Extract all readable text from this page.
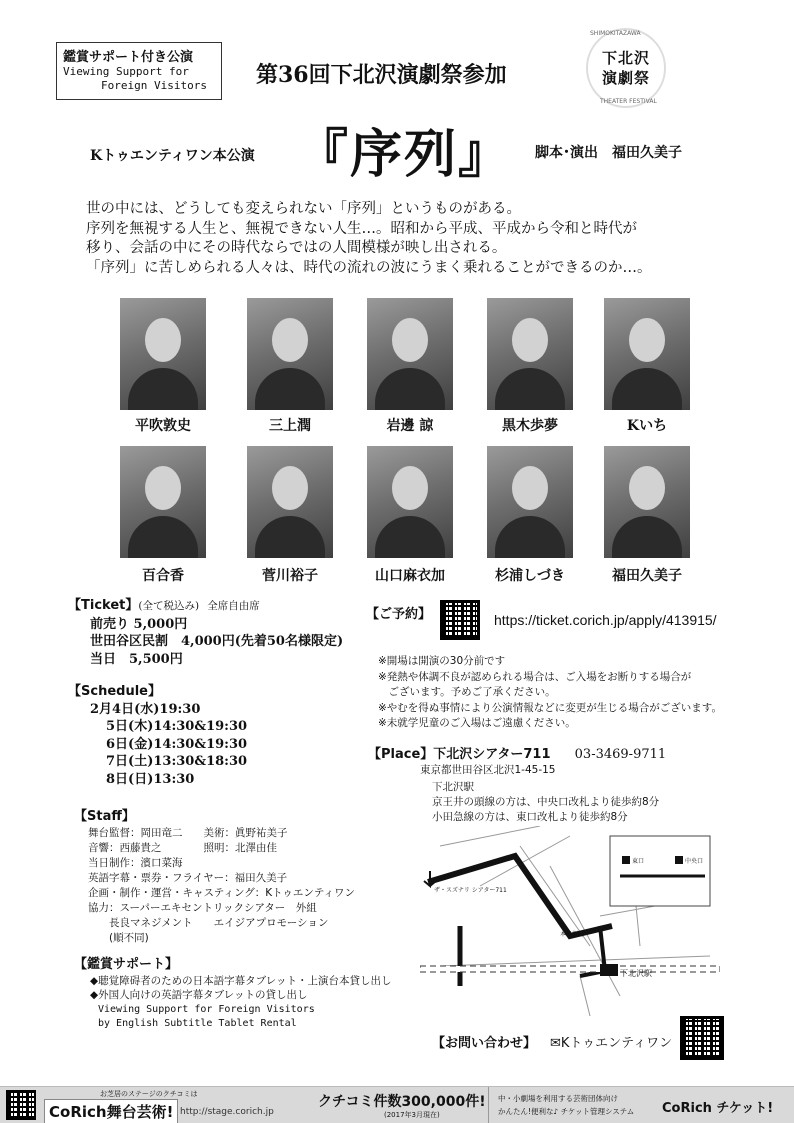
鑑賞サポート付き公演
Viewing Support for
Foreign Visitors	第36回下北沢演劇祭参加
SHIMOKITAZAWA
下北沢
演劇祭
THEATER FESTIVAL
Kトゥエンティワン本公演 『序列』 脚本･演出 福田久美子
世の中には、どうしても変えられない「序列」というものがある。
序列を無視する人生と、無視できない人生…。昭和から平成、平成から令和と時代が
移り、会話の中にその時代ならではの人間模様が映し出される。
「序列」に苦しめられる人々は、時代の流れの波にうまく乗れることができるのか…。
平吹敦史	三上潤	岩邊 諒	黒木歩夢	Kいち
百合香	菅川裕子	山口麻衣加	杉浦しづき	福田久美子
【Ticket】(全て税込み) 全席自由席
前売り 5,000円
世田谷区民割　4,000円(先着50名様限定)
当日　5,500円
【Schedule】
2月4日(水)19:30
5日(木)14:30&19:30
6日(金)14:30&19:30
7日(土)13:30&18:30
8日(日)13:30
【Staff】
舞台監督：岡田竜二　　美術：眞野祐美子
音響：西藤貴之　　　　照明：北澤由佳
当日制作：濱口菜海
英語字幕・票券・フライヤー：福田久美子
企画・制作・運営・キャスティング：Kトゥエンティワン
協力：スーパーエキセントリックシアター　外組
　　長良マネジメント　　エイジアプロモーション
　　(順不同)
【鑑賞サポート】
◆聴覚障碍者のための日本語字幕タブレット・上演台本貸し出し
◆外国人向けの英語字幕タブレットの貸し出し
Viewing Support for Foreign Visitors
by English Subtitle Tablet Rental
【ご予約】	https://ticket.corich.jp/apply/413915/
※開場は開演の30分前です
※発熱や体調不良が認められる場合は、ご入場をお断りする場合が
　ございます。予めご了承ください。
※やむを得ぬ事情により公演情報などに変更が生じる場合がございます。
※未就学児童のご入場はご遠慮ください。
【Place】下北沢シアター711 03-3469-9711
東京都世田谷区北沢1-45-15
下北沢駅
京王井の頭線の方は、中央口改札より徒歩約8分
小田急線の方は、東口改札より徒歩約8分
ザ・スズナリ シアター711
下北沢駅
本多劇場
東口	中央口
【お問い合わせ】 ✉Kトゥエンティワン
お芝居のステージのクチコミは
CoRich舞台芸術! http://stage.corich.jp
クチコミ件数300,000件!
(2017年3月現在)
中・小劇場を利用する芸術団体向け
かんたん!便利な♪ チケット管理システム CoRich チケット!
